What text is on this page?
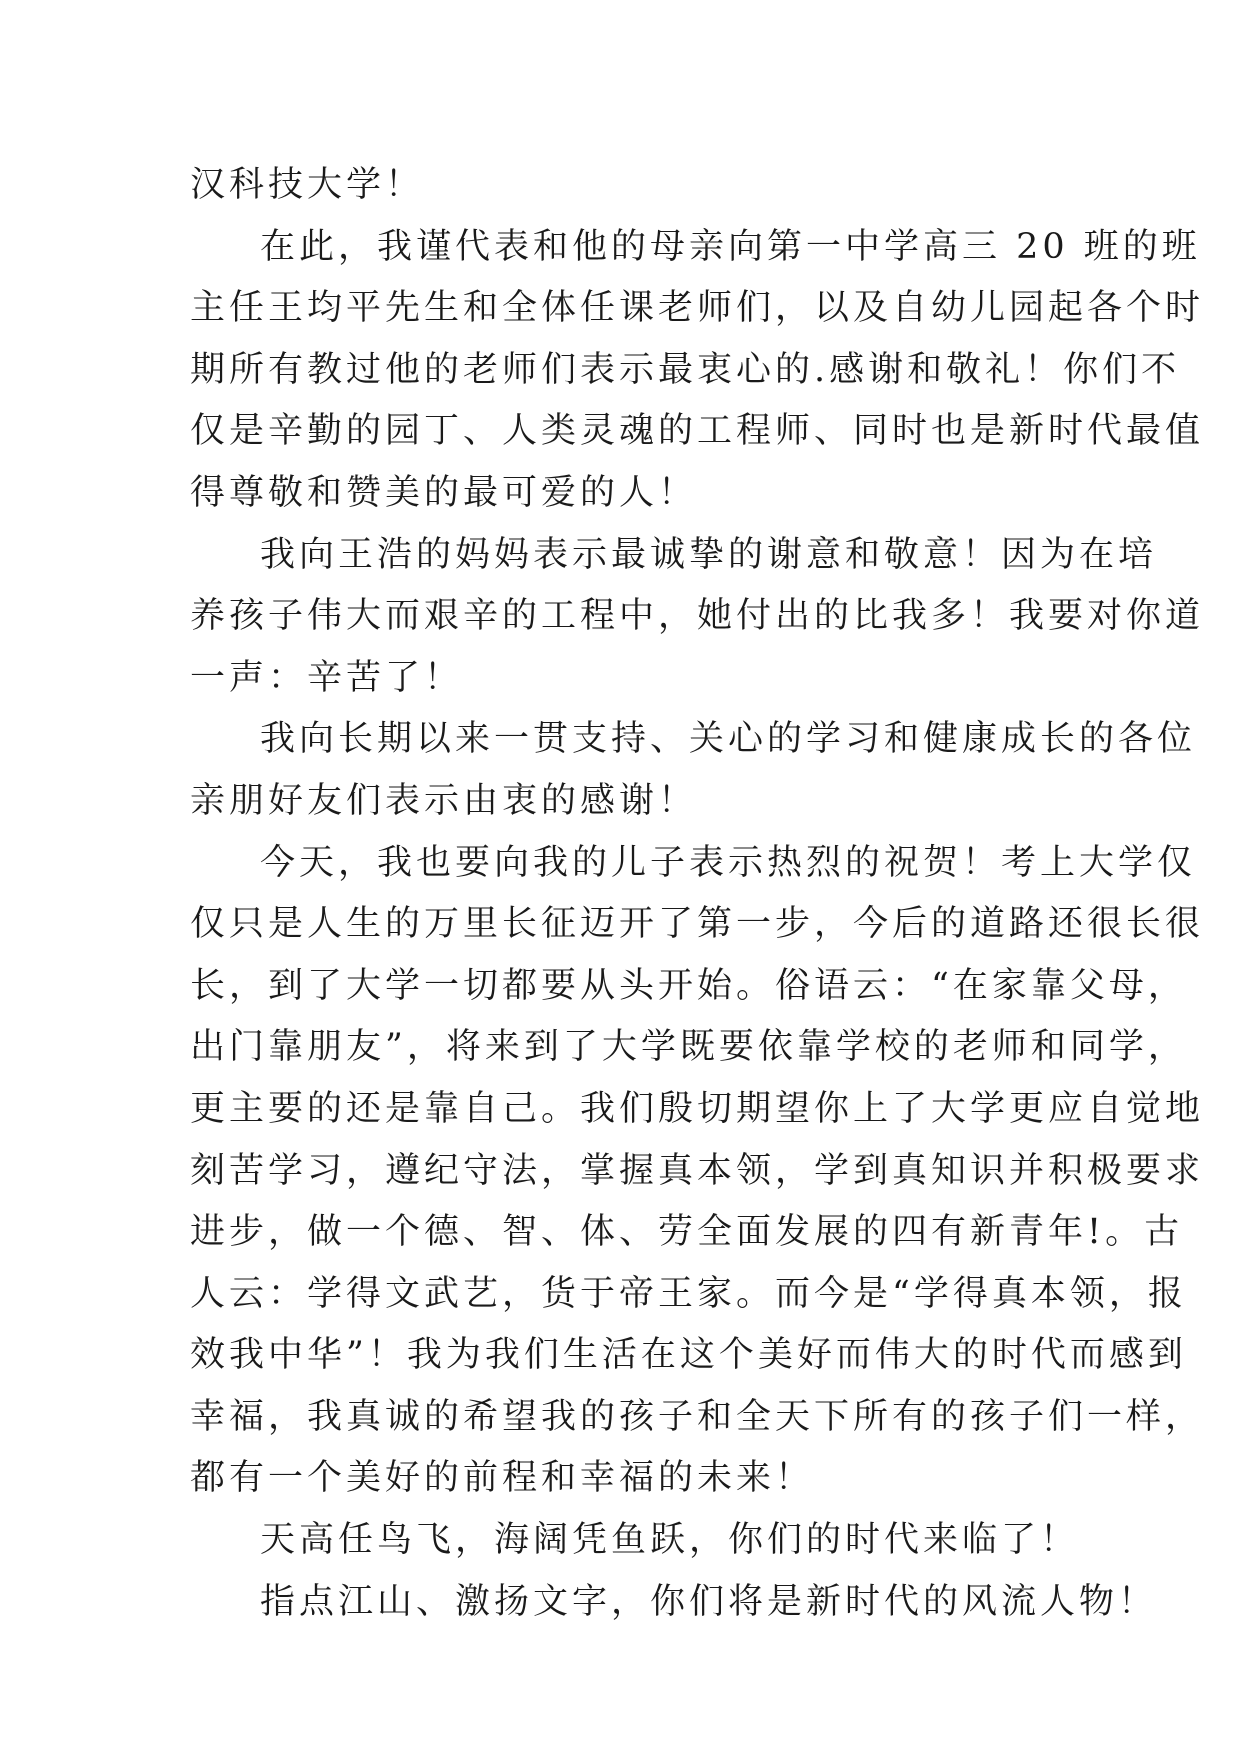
汉科技大学！
在此，我谨代表和他的母亲向第一中学高三 20 班的班
主任王均平先生和全体任课老师们，以及自幼儿园起各个时
期所有教过他的老师们表示最衷心的.感谢和敬礼！你们不
仅是辛勤的园丁、人类灵魂的工程师、同时也是新时代最值
得尊敬和赞美的最可爱的人！
我向王浩的妈妈表示最诚挚的谢意和敬意！因为在培
养孩子伟大而艰辛的工程中，她付出的比我多！我要对你道
一声：辛苦了！
我向长期以来一贯支持、关心的学习和健康成长的各位
亲朋好友们表示由衷的感谢！
今天，我也要向我的儿子表示热烈的祝贺！考上大学仅
仅只是人生的万里长征迈开了第一步，今后的道路还很长很
长，到了大学一切都要从头开始。俗语云：“在家靠父母，
出门靠朋友”，将来到了大学既要依靠学校的老师和同学，
更主要的还是靠自己。我们殷切期望你上了大学更应自觉地
刻苦学习，遵纪守法，掌握真本领，学到真知识并积极要求
进步，做一个德、智、体、劳全面发展的四有新青年!。古
人云：学得文武艺，货于帝王家。而今是“学得真本领，报
效我中华”！我为我们生活在这个美好而伟大的时代而感到
幸福，我真诚的希望我的孩子和全天下所有的孩子们一样，
都有一个美好的前程和幸福的未来！
天高任鸟飞，海阔凭鱼跃，你们的时代来临了！
指点江山、激扬文字，你们将是新时代的风流人物！
